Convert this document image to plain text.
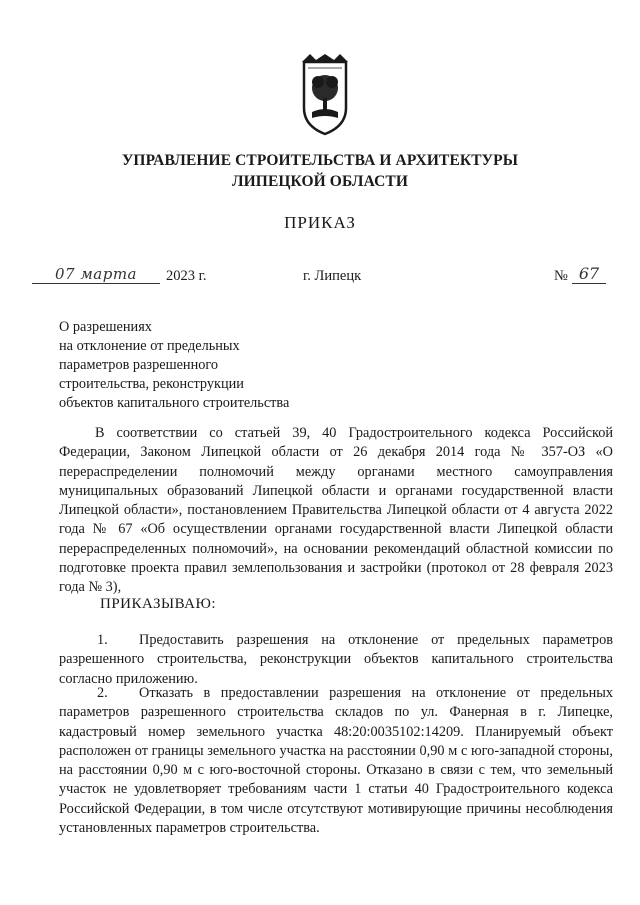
УПРАВЛЕНИЕ СТРОИТЕЛЬСТВА И АРХИТЕКТУРЫ
ЛИПЕЦКОЙ ОБЛАСТИ
ПРИКАЗ
07 марта	2023 г.	г. Липецк	№ 67
О разрешениях
на отклонение от предельных
параметров разрешенного
строительства, реконструкции
объектов капитального строительства
В соответствии со статьей 39, 40 Градостроительного кодекса Российской Федерации, Законом Липецкой области от 26 декабря 2014 года № 357-ОЗ «О перераспределении полномочий между органами местного самоуправления муниципальных образований Липецкой области и органами государственной власти Липецкой области», постановлением Правительства Липецкой области от 4 августа 2022 года № 67 «Об осуществлении органами государственной власти Липецкой области перераспределенных полномочий», на основании рекомендаций областной комиссии по подготовке проекта правил землепользования и застройки (протокол от 28 февраля 2023 года № 3),
ПРИКАЗЫВАЮ:
1. Предоставить разрешения на отклонение от предельных параметров разрешенного строительства, реконструкции объектов капитального строительства согласно приложению.
2. Отказать в предоставлении разрешения на отклонение от предельных параметров разрешенного строительства складов по ул. Фанерная в г. Липецке, кадастровый номер земельного участка 48:20:0035102:14209. Планируемый объект расположен от границы земельного участка на расстоянии 0,90 м с юго-западной стороны, на расстоянии 0,90 м с юго-восточной стороны. Отказано в связи с тем, что земельный участок не удовлетворяет требованиям части 1 статьи 40 Градостроительного кодекса Российской Федерации, в том числе отсутствуют мотивирующие причины несоблюдения установленных параметров строительства.
